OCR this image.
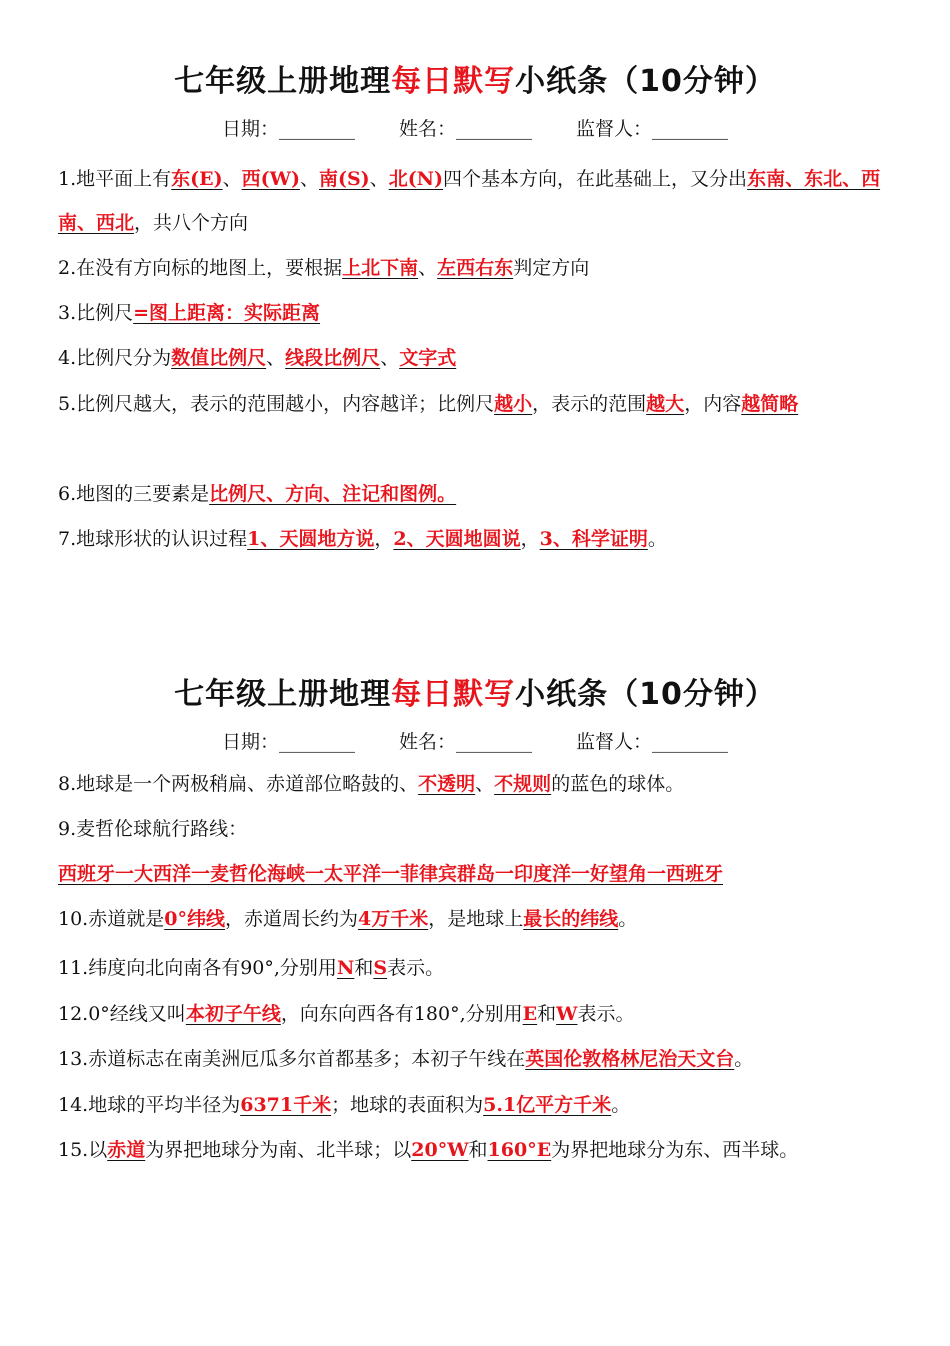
七年级上册地理每日默写小纸条（10分钟）
日期：________ 姓名：________ 监督人：________
七年级上册地理每日默写小纸条（10分钟）
日期：________ 姓名：________ 监督人：________

1.地平面上有东(E)、西(W)、南(S)、北(N)四个基本方向，在此基础上，又分出东南、东北、西南、西北，共八个方向

2.在没有方向标的地图上，要根据上北下南、左西右东判定方向

3.比例尺=图上距离：实际距离

4.比例尺分为数值比例尺、线段比例尺、文字式

5.比例尺越大，表示的范围越小，内容越详；比例尺越小，表示的范围越大，内容越简略

6.地图的三要素是比例尺、方向、注记和图例。

7.地球形状的认识过程1、天圆地方说，2、天圆地圆说，3、科学证明。

8.地球是一个两极稍扁、赤道部位略鼓的、不透明、不规则的蓝色的球体。

9.麦哲伦球航行路线：

西班牙一大西洋一麦哲伦海峡一太平洋一菲律宾群岛一印度洋一好望角一西班牙

10.赤道就是0°纬线，赤道周长约为4万千米，是地球上最长的纬线。

11.纬度向北向南各有90°,分别用N和S表示。

12.0°经线又叫本初子午线，向东向西各有180°,分别用E和W表示。

13.赤道标志在南美洲厄瓜多尔首都基多；本初子午线在英国伦敦格林尼治天文台。

14.地球的平均半径为6371千米；地球的表面积为5.1亿平方千米。

15.以赤道为界把地球分为南、北半球；以20°W和160°E为界把地球分为东、西半球。
